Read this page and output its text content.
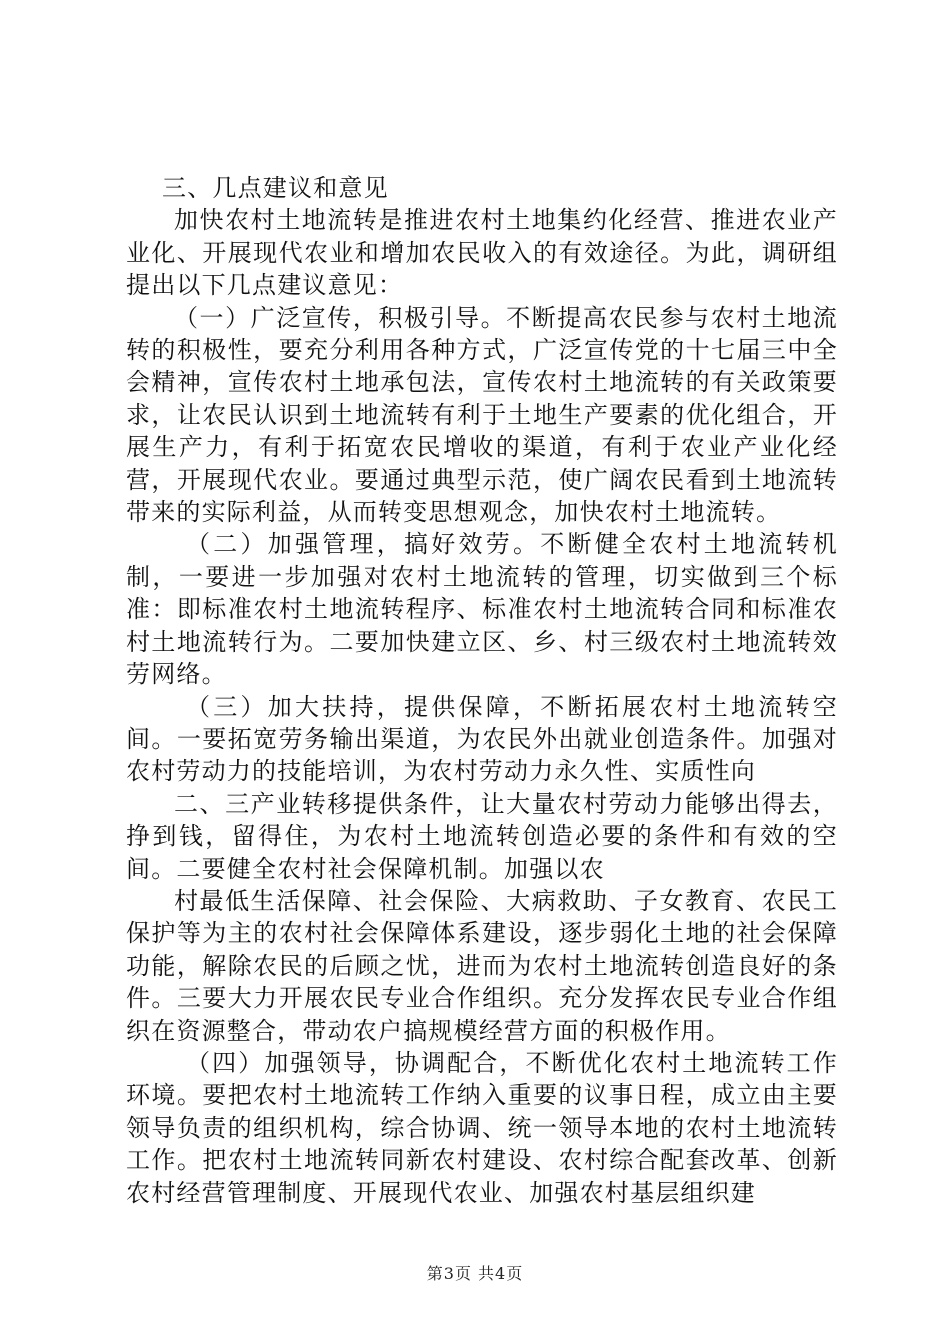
三、几点建议和意见

加快农村土地流转是推进农村土地集约化经营、推进农业产业化、开展现代农业和增加农民收入的有效途径。为此，调研组提出以下几点建议意见：

（一）广泛宣传，积极引导。不断提高农民参与农村土地流转的积极性，要充分利用各种方式，广泛宣传党的十七届三中全会精神，宣传农村土地承包法，宣传农村土地流转的有关政策要求，让农民认识到土地流转有利于土地生产要素的优化组合，开展生产力，有利于拓宽农民增收的渠道，有利于农业产业化经营，开展现代农业。要通过典型示范，使广阔农民看到土地流转带来的实际利益，从而转变思想观念，加快农村土地流转。

（二）加强管理，搞好效劳。不断健全农村土地流转机制，一要进一步加强对农村土地流转的管理，切实做到三个标准：即标准农村土地流转程序、标准农村土地流转合同和标准农村土地流转行为。二要加快建立区、乡、村三级农村土地流转效劳网络。

（三）加大扶持，提供保障，不断拓展农村土地流转空间。一要拓宽劳务输出渠道，为农民外出就业创造条件。加强对农村劳动力的技能培训，为农村劳动力永久性、实质性向

二、三产业转移提供条件，让大量农村劳动力能够出得去，挣到钱，留得住，为农村土地流转创造必要的条件和有效的空间。二要健全农村社会保障机制。加强以农

村最低生活保障、社会保险、大病救助、子女教育、农民工保护等为主的农村社会保障体系建设，逐步弱化土地的社会保障功能，解除农民的后顾之忧，进而为农村土地流转创造良好的条件。三要大力开展农民专业合作组织。充分发挥农民专业合作组织在资源整合，带动农户搞规模经营方面的积极作用。

（四）加强领导，协调配合，不断优化农村土地流转工作环境。要把农村土地流转工作纳入重要的议事日程，成立由主要领导负责的组织机构，综合协调、统一领导本地的农村土地流转工作。把农村土地流转同新农村建设、农村综合配套改革、创新农村经营管理制度、开展现代农业、加强农村基层组织建

第3页 共4页
